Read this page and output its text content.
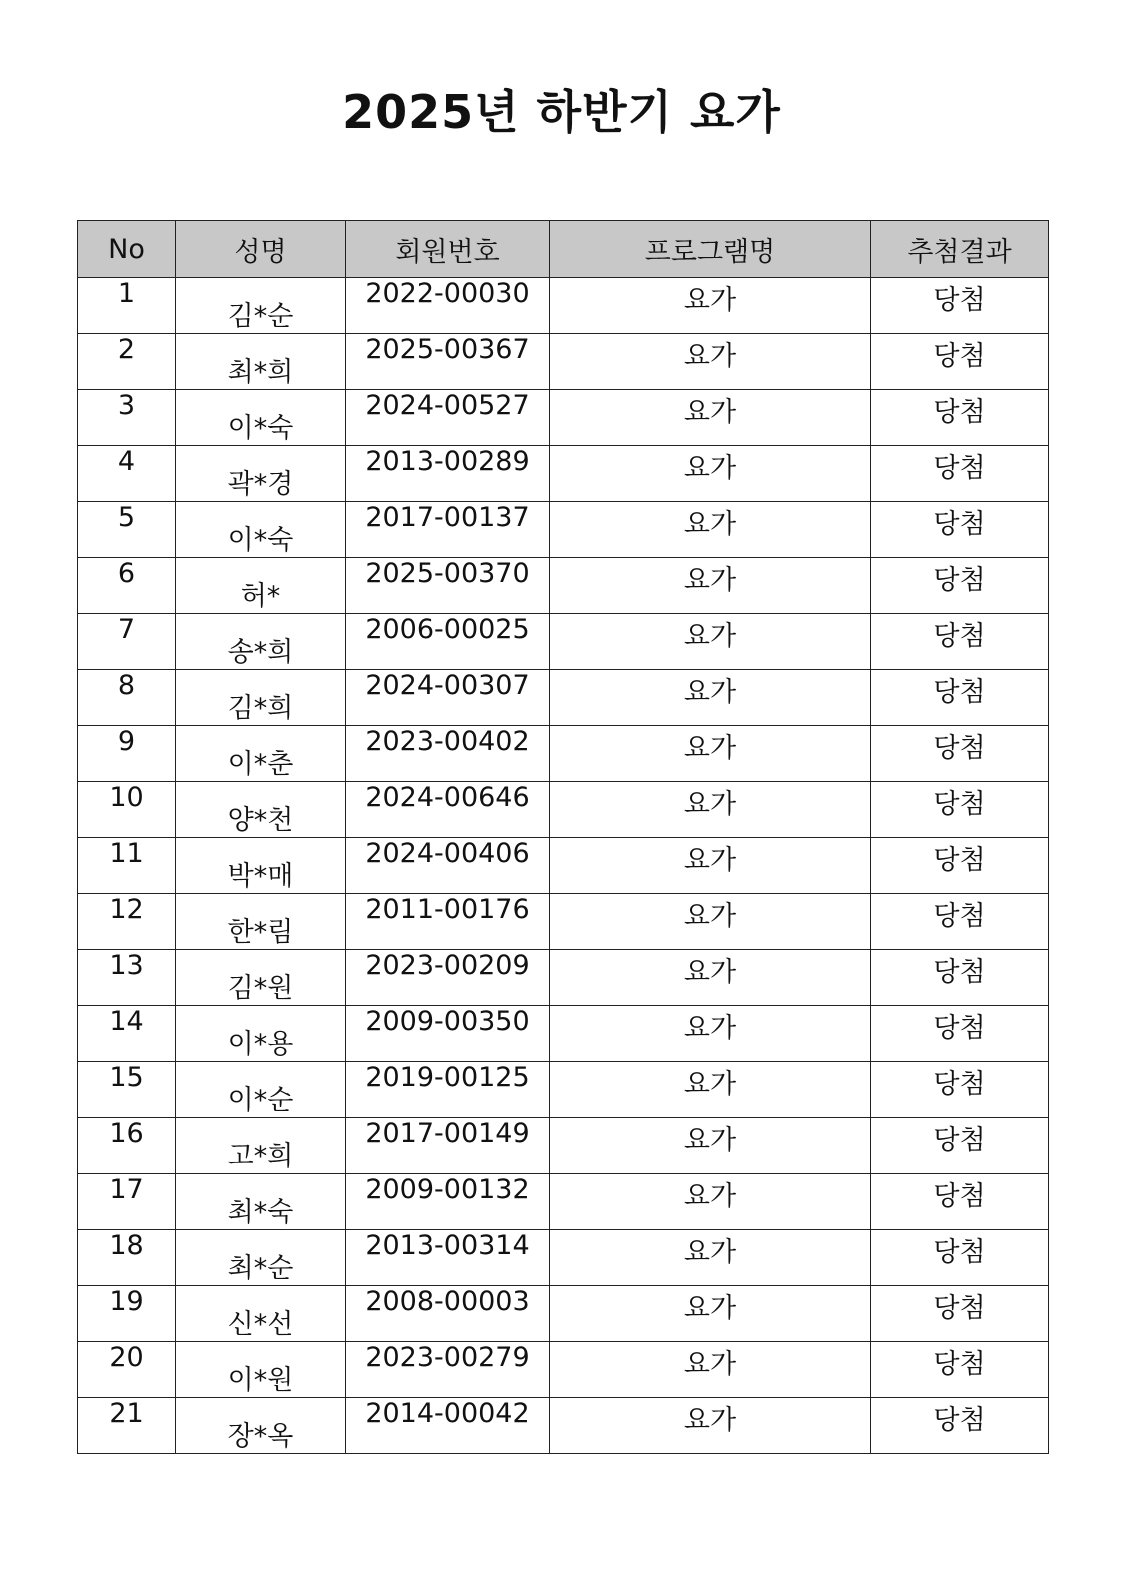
2025년 하반기 요가
No	성명	회원번호	프로그램명	추첨결과
1	김*순	2022-00030	요가	당첨
2	최*희	2025-00367	요가	당첨
3	이*숙	2024-00527	요가	당첨
4	곽*경	2013-00289	요가	당첨
5	이*숙	2017-00137	요가	당첨
6	허*	2025-00370	요가	당첨
7	송*희	2006-00025	요가	당첨
8	김*희	2024-00307	요가	당첨
9	이*춘	2023-00402	요가	당첨
10	양*천	2024-00646	요가	당첨
11	박*매	2024-00406	요가	당첨
12	한*림	2011-00176	요가	당첨
13	김*원	2023-00209	요가	당첨
14	이*용	2009-00350	요가	당첨
15	이*순	2019-00125	요가	당첨
16	고*희	2017-00149	요가	당첨
17	최*숙	2009-00132	요가	당첨
18	최*순	2013-00314	요가	당첨
19	신*선	2008-00003	요가	당첨
20	이*원	2023-00279	요가	당첨
21	장*옥	2014-00042	요가	당첨
